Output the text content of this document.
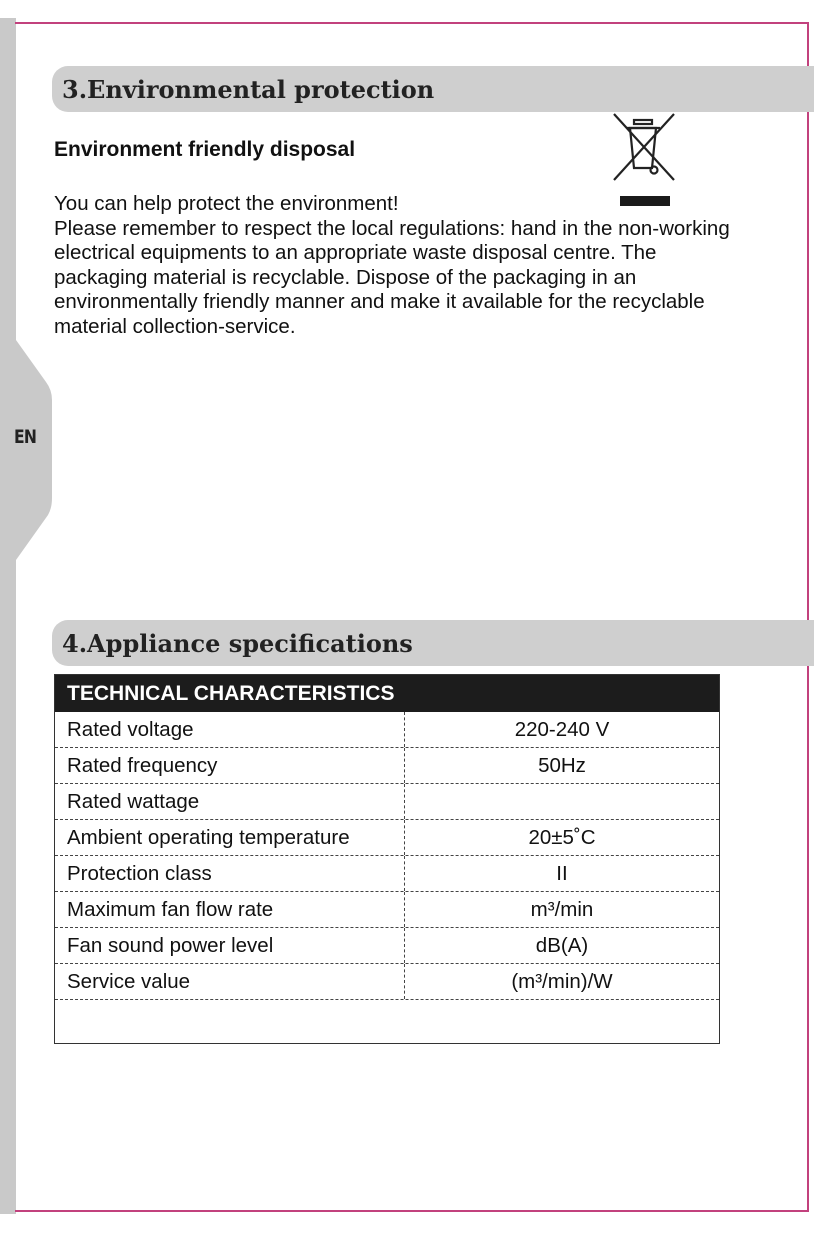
EN
3.Environmental protection
Environment friendly disposal

You can help protect the environment!

Please remember to respect the local regulations: hand in the non-working electrical equipments to an appropriate waste disposal centre. The packaging material is recyclable. Dispose of the packaging in an environmentally friendly manner and make it available for the recyclable material collection-service.

4.Appliance specifications
TECHNICAL CHARACTERISTICS
Rated voltage	220-240 V
Rated frequency	50Hz
Rated wattage
Ambient operating temperature	20±5˚C
Protection class	II
Maximum fan flow rate	m³/min
Fan sound power level	dB(A)
Service value	(m³/min)/W
